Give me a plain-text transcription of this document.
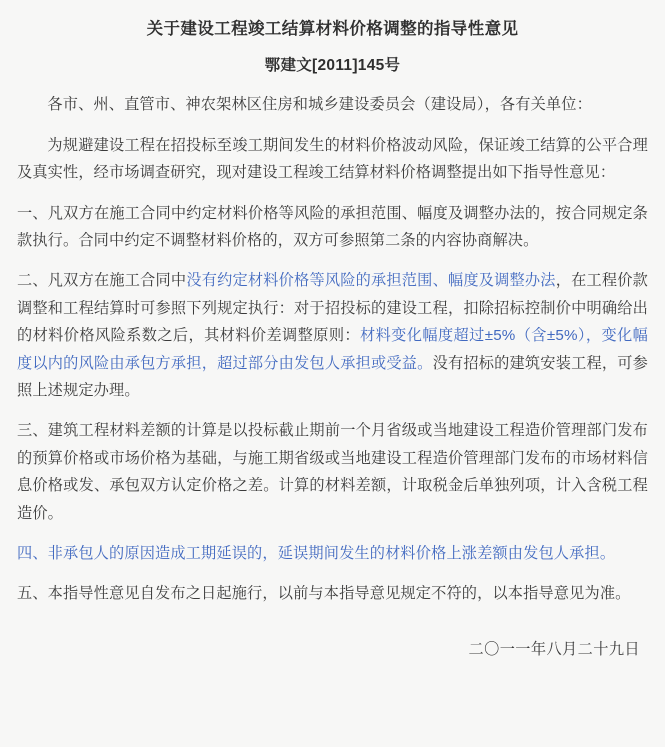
关于建设工程竣工结算材料价格调整的指导性意见
鄂建文[2011]145号

各市、州、直管市、神农架林区住房和城乡建设委员会（建设局），各有关单位：

为规避建设工程在招投标至竣工期间发生的材料价格波动风险，保证竣工结算的公平合理及真实性，经市场调查研究，现对建设工程竣工结算材料价格调整提出如下指导性意见：

一、凡双方在施工合同中约定材料价格等风险的承担范围、幅度及调整办法的，按合同规定条款执行。合同中约定不调整材料价格的，双方可参照第二条的内容协商解决。

二、凡双方在施工合同中没有约定材料价格等风险的承担范围、幅度及调整办法，在工程价款调整和工程结算时可参照下列规定执行：对于招投标的建设工程，扣除招标控制价中明确给出的材料价格风险系数之后，其材料价差调整原则：材料变化幅度超过±5%（含±5%），变化幅度以内的风险由承包方承担，超过部分由发包人承担或受益。没有招标的建筑安装工程，可参照上述规定办理。

三、建筑工程材料差额的计算是以投标截止期前一个月省级或当地建设工程造价管理部门发布的预算价格或市场价格为基础，与施工期省级或当地建设工程造价管理部门发布的市场材料信息价格或发、承包双方认定价格之差。计算的材料差额，计取税金后单独列项，计入含税工程造价。

四、非承包人的原因造成工期延误的，延误期间发生的材料价格上涨差额由发包人承担。

五、本指导性意见自发布之日起施行，以前与本指导意见规定不符的，以本指导意见为准。

二〇一一年八月二十九日
